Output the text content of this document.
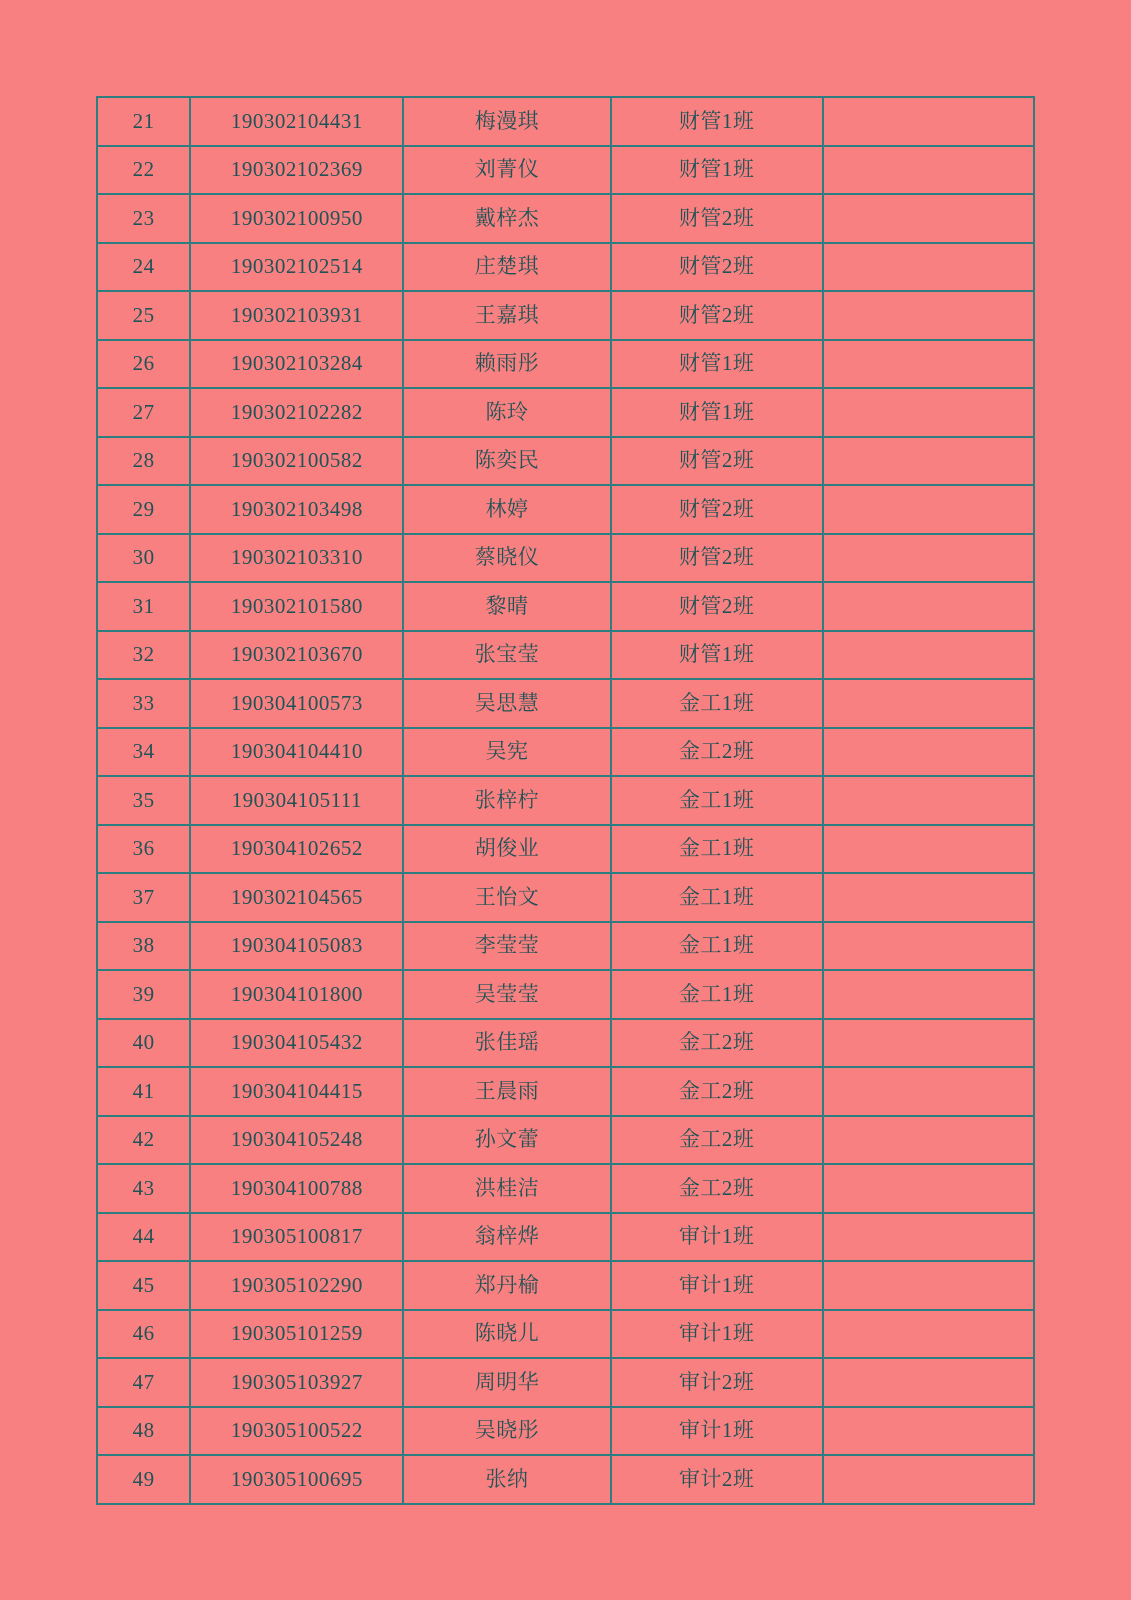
21	190302104431	梅漫琪	财管1班	
22	190302102369	刘菁仪	财管1班	
23	190302100950	戴梓杰	财管2班	
24	190302102514	庄楚琪	财管2班	
25	190302103931	王嘉琪	财管2班	
26	190302103284	赖雨彤	财管1班	
27	190302102282	陈玲	财管1班	
28	190302100582	陈奕民	财管2班	
29	190302103498	林婷	财管2班	
30	190302103310	蔡晓仪	财管2班	
31	190302101580	黎晴	财管2班	
32	190302103670	张宝莹	财管1班	
33	190304100573	吴思慧	金工1班	
34	190304104410	吴宪	金工2班	
35	190304105111	张梓柠	金工1班	
36	190304102652	胡俊业	金工1班	
37	190302104565	王怡文	金工1班	
38	190304105083	李莹莹	金工1班	
39	190304101800	吴莹莹	金工1班	
40	190304105432	张佳瑶	金工2班	
41	190304104415	王晨雨	金工2班	
42	190304105248	孙文蕾	金工2班	
43	190304100788	洪桂洁	金工2班	
44	190305100817	翁梓烨	审计1班	
45	190305102290	郑丹榆	审计1班	
46	190305101259	陈晓儿	审计1班	
47	190305103927	周明华	审计2班	
48	190305100522	吴晓彤	审计1班	
49	190305100695	张纳	审计2班	
